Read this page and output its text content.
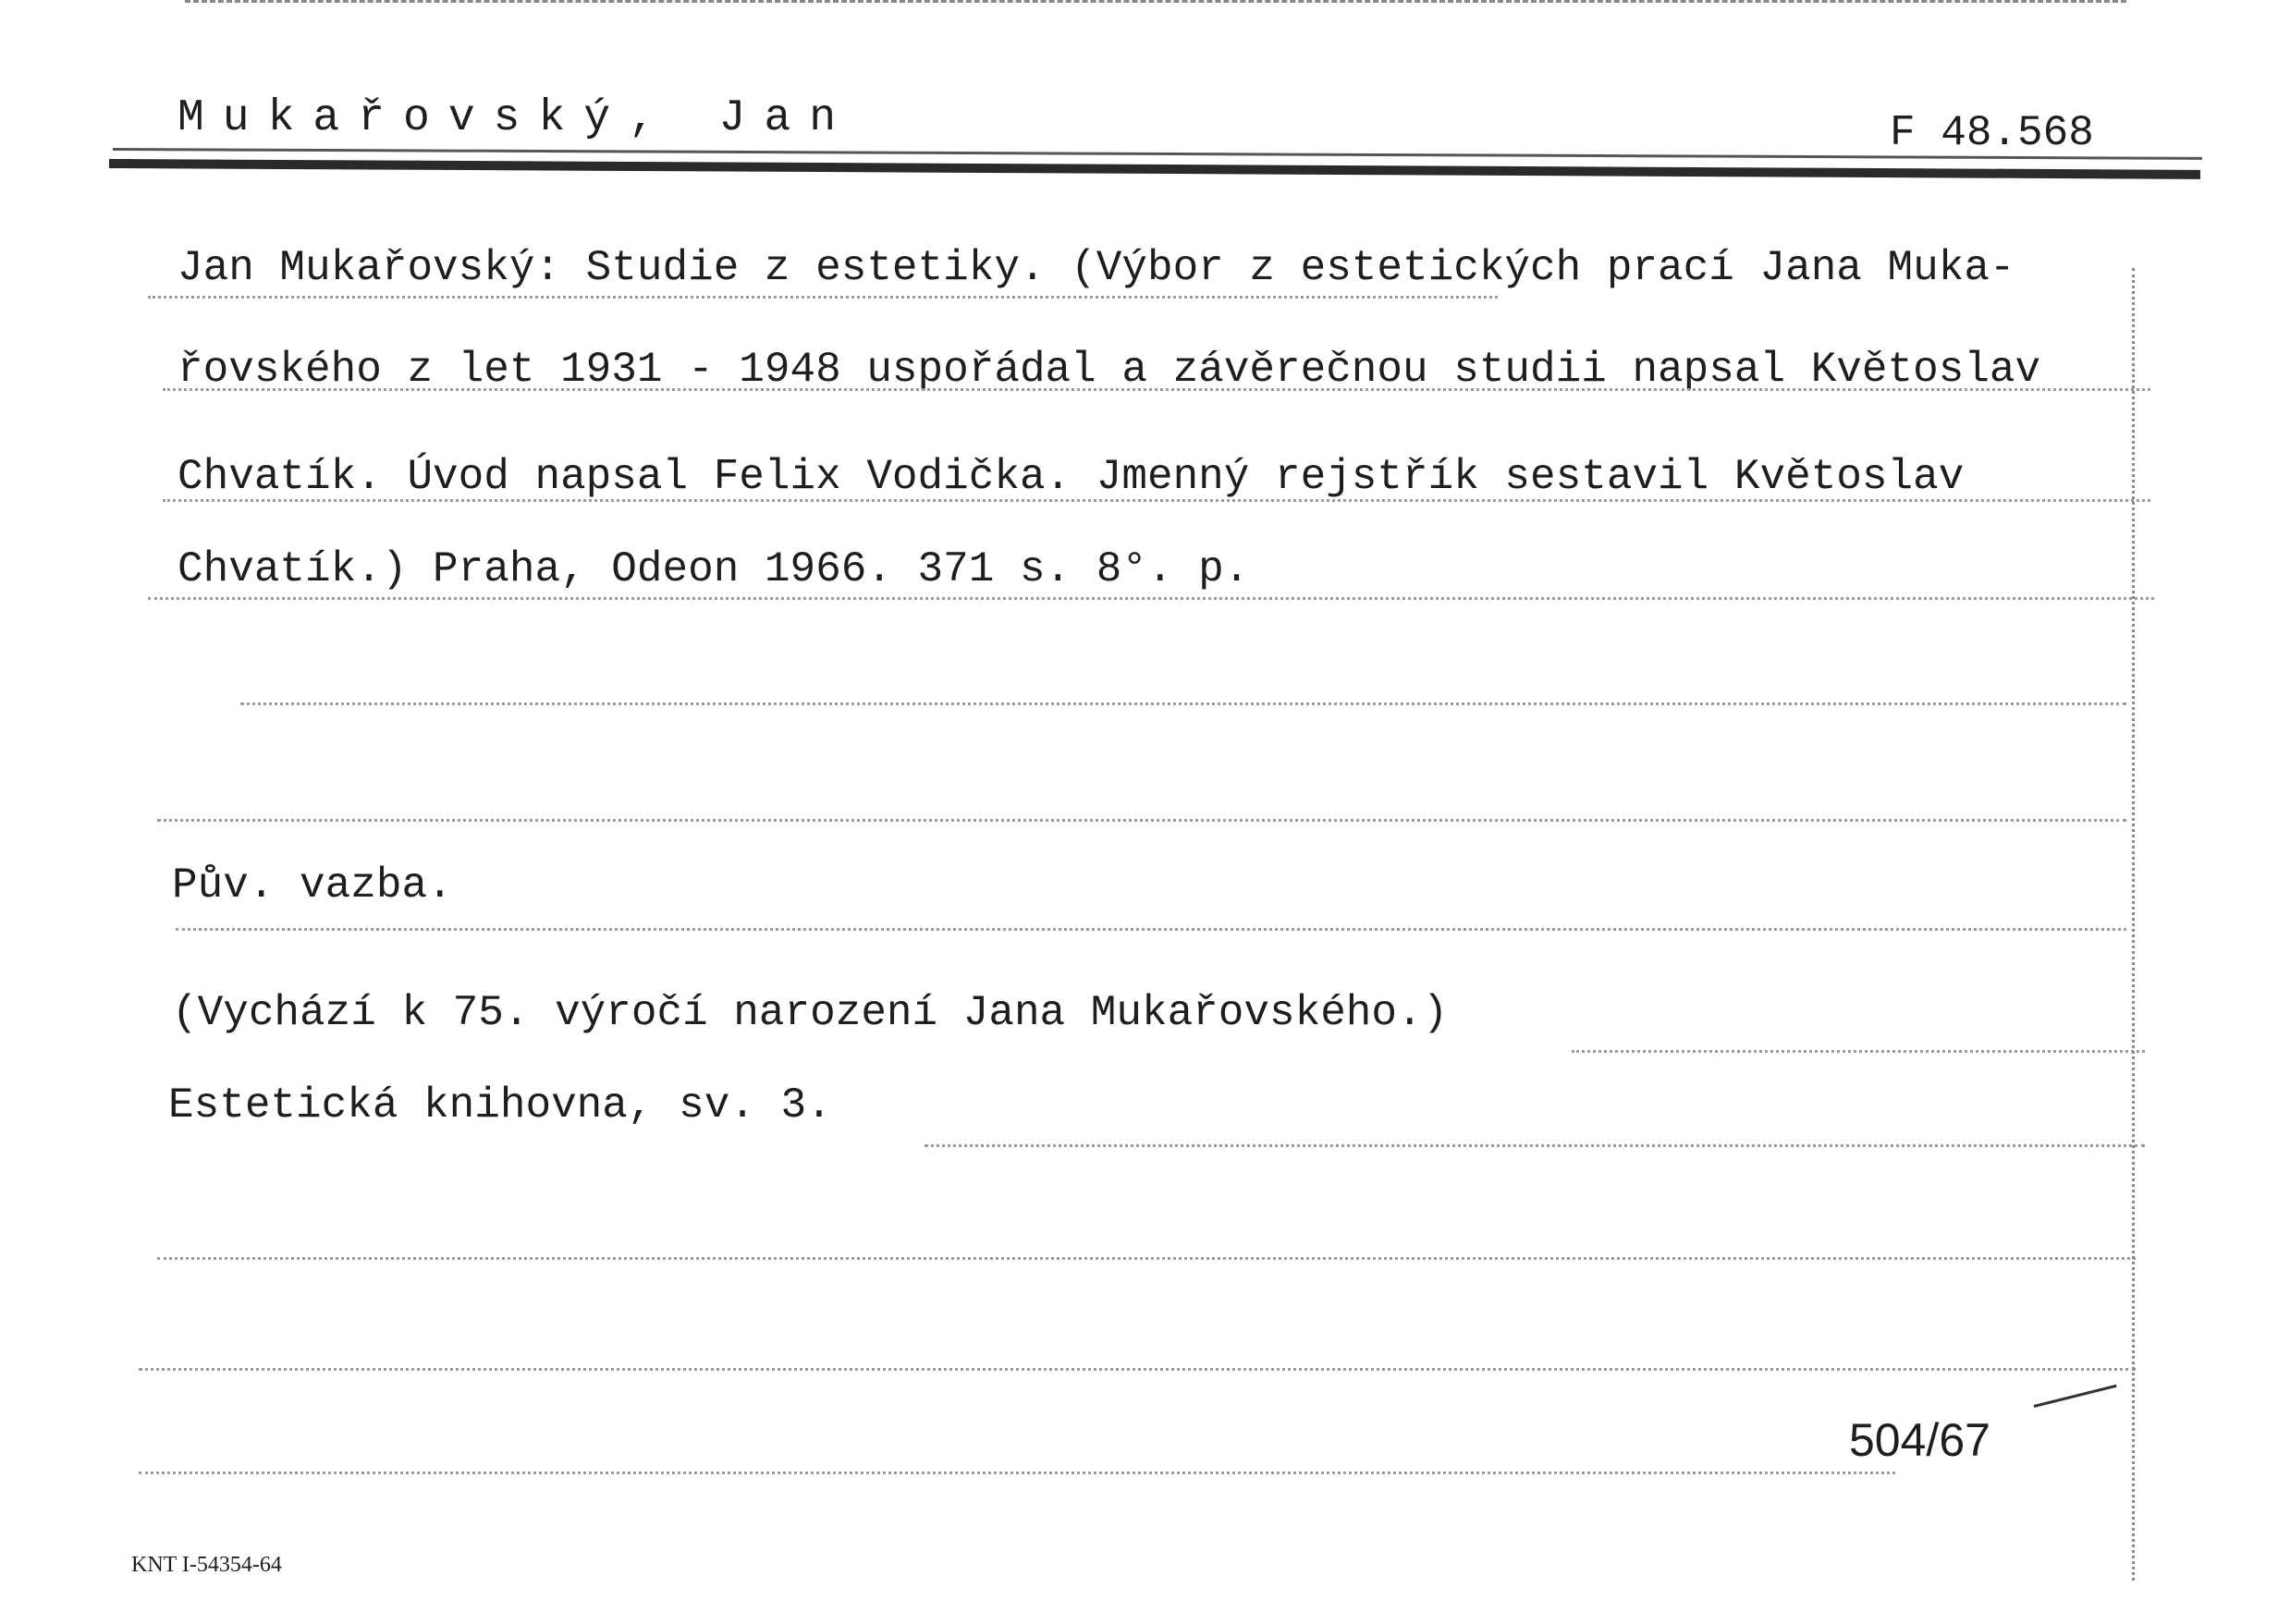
Mukařovský, Jan	F 48.568
Jan Mukařovský: Studie z estetiky. (Výbor z estetických prací Jana Muka-
řovského z let 1931 - 1948 uspořádal a závěrečnou studii napsal Květoslav
Chvatík. Úvod napsal Felix Vodička. Jmenný rejstřík sestavil Květoslav
Chvatík.) Praha, Odeon 1966. 371 s. 8°. p.
Pův. vazba.
(Vychází k 75. výročí narození Jana Mukařovského.)
Estetická knihovna, sv. 3.
504/67
KNT I-54354-64
